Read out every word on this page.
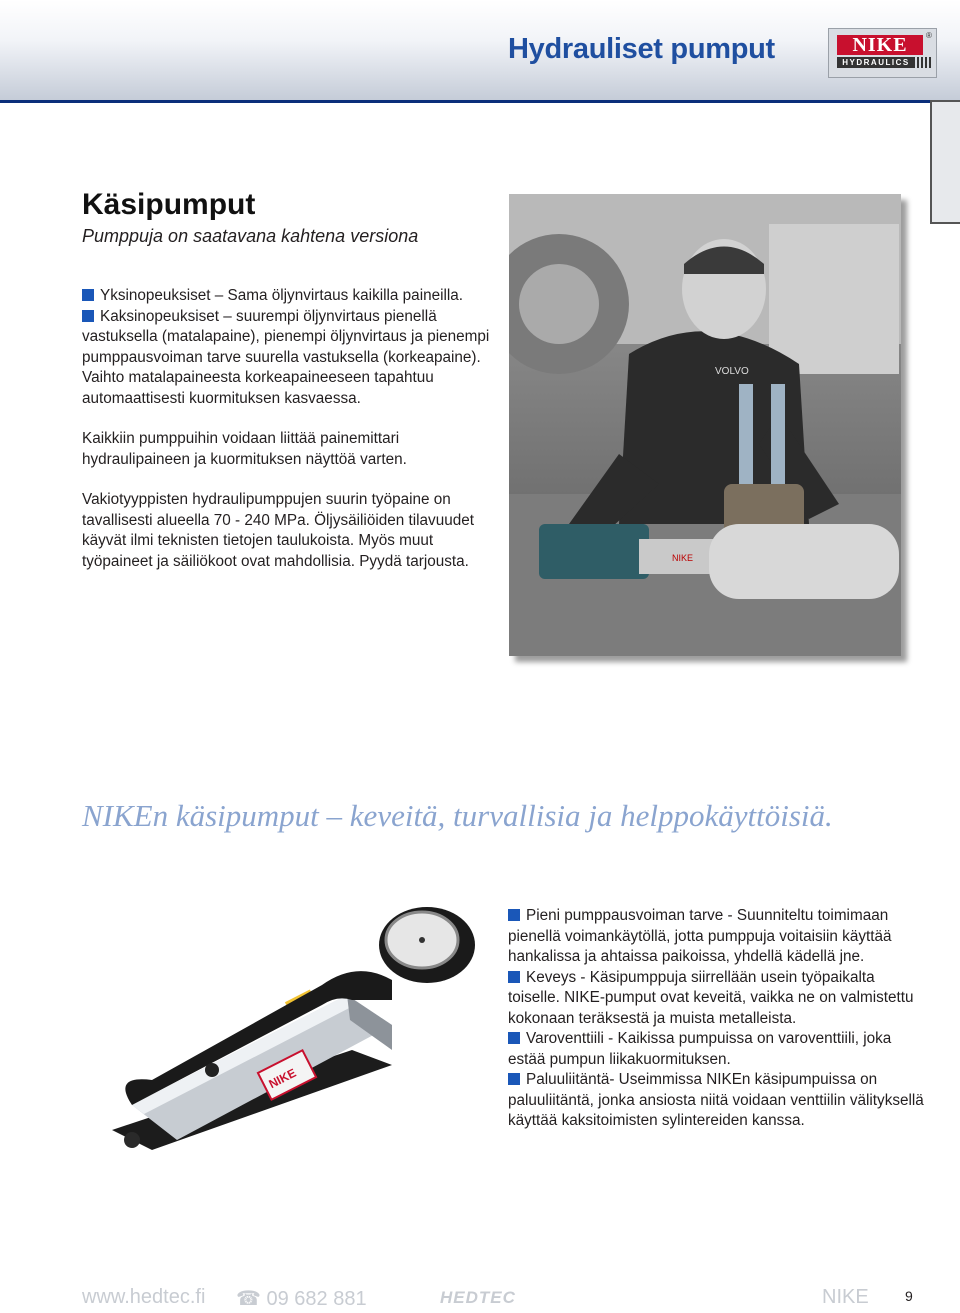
Hydrauliset pumput	NIKE	®
HYDRAULICS
Käsipumput
Pumppuja on saatavana kahtena versiona

Yksinopeuksiset – Sama öljynvirtaus kaikilla paineilla.

Kaksinopeuksiset – suurempi öljynvirtaus pienellä vastuksella (matalapaine), pienempi öljynvirtaus ja pienempi pumppausvoiman tarve suurella vastuksella (korkeapaine). Vaihto matalapaineesta korkeapaineeseen tapahtuu automaattisesti kuormituksen kasvaessa.

Kaikkiin pumppuihin voidaan liittää painemittari hydraulipaineen ja kuormituksen näyttöä varten.

Vakiotyyppisten hydraulipumppujen suurin työpaine on tavallisesti alueella 70 - 240 MPa. Öljysäiliöiden tilavuudet käyvät ilmi teknisten tietojen taulukoista. Myös muut työpaineet ja säiliökoot ovat mahdollisia. Pyydä tarjousta.

VOLVO
NIKE
NIKEn käsipumput – keveitä, turvallisia ja helppokäyttöisiä.
NIKE

Pieni pumppausvoiman tarve - Suunniteltu toimimaan pienellä voimankäytöllä, jotta pumppuja voitaisiin käyttää hankalissa ja ahtaissa paikoissa, yhdellä kädellä jne.

Keveys - Käsipumppuja siirrellään usein työpaikalta toiselle. NIKE-pumput ovat keveitä, vaikka ne on valmistettu kokonaan teräksestä ja muista metalleista.

Varoventtiili - Kaikissa pumpuissa on varoventtiili, joka estää pumpun liikakuormituksen.

Paluuliitäntä- Useimmissa NIKEn käsipumpuissa on paluuliitäntä, jonka ansiosta niitä voidaan venttiilin välityksellä käyttää kaksitoimisten sylintereiden kanssa.

www.hedtec.fi ☎ 09 682 881	HEDTEC	NIKE	9
